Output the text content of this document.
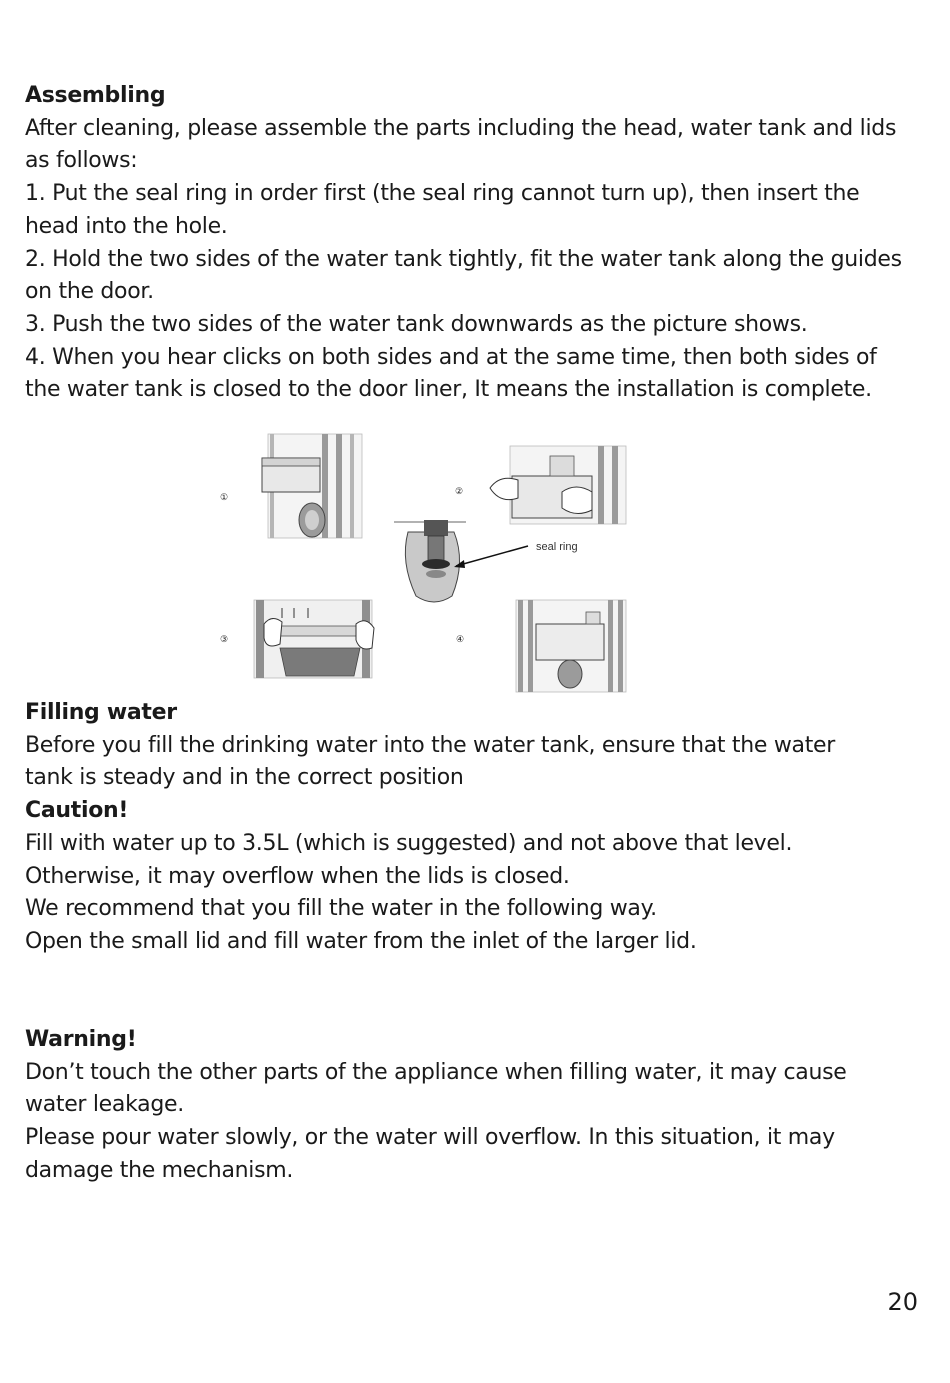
Assembling
After cleaning, please assemble the parts including the head, water tank and lids
as follows:
1. Put the seal ring in order first (the seal ring cannot turn up), then insert the
head into the hole.
2. Hold the two sides of the water tank tightly, fit the water tank along the guides
on the door.
3. Push the two sides of the water tank downwards as the picture shows.
4. When you hear clicks on both sides and at the same time, then both sides of
the water tank is closed to the door liner, It means the installation is complete.
①
②
seal ring
③	④
Filling water
Before you fill the drinking water into the water tank, ensure that the water
tank is steady and in the correct position
Caution!
Fill with water up to 3.5L (which is suggested) and not above that level.
Otherwise, it may overflow when the lids is closed.
We recommend that you fill the water in the following way.
Open the small lid and fill water from the inlet of the larger lid.
Warning!
Don’t touch the other parts of the appliance when filling water, it may cause
water leakage.
Please pour water slowly, or the water will overflow. In this situation, it may
damage the mechanism.
20
